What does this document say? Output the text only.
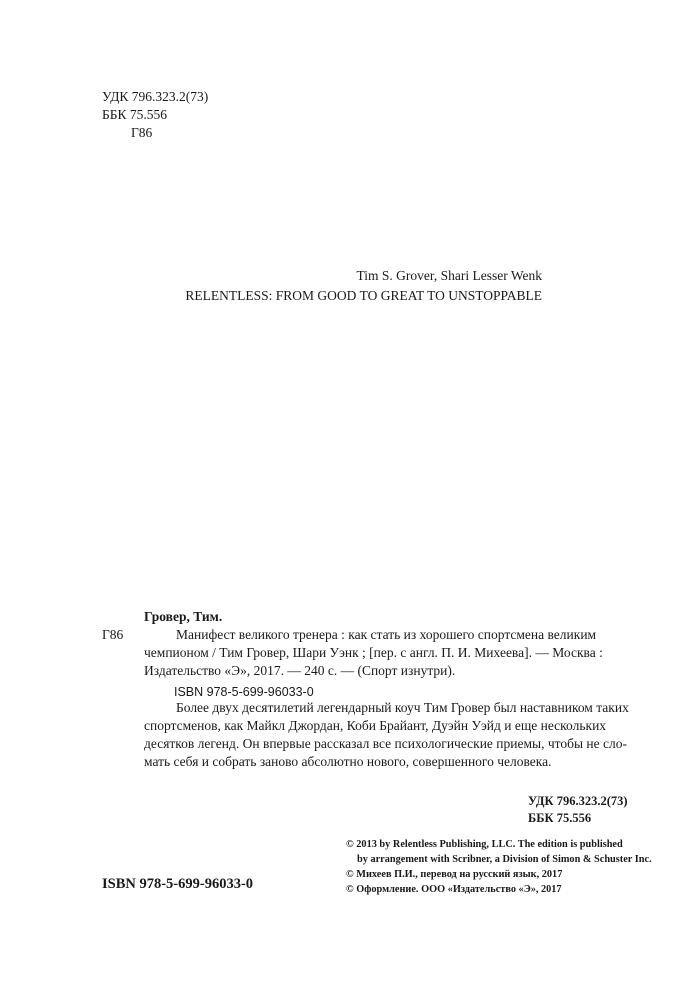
УДК 796.323.2(73)
ББК 75.556
Г86
Tim S. Grover, Shari Lesser Wenk
RELENTLESS: FROM GOOD TO GREAT TO UNSTOPPABLE
Гровер, Тим.
Г86	Манифест великого тренера : как стать из хорошего спортсмена великим
чемпионом / Тим Гровер, Шари Уэнк ; [пер. с англ. П. И. Михеева]. — Москва :
Издательство «Э», 2017. — 240 с. — (Спорт изнутри).
ISBN 978-5-699-96033-0
Более двух десятилетий легендарный коуч Тим Гровер был наставником таких
спортсменов, как Майкл Джордан, Коби Брайант, Дуэйн Уэйд и еще нескольких
десятков легенд. Он впервые рассказал все психологические приемы, чтобы не сло-
мать себя и собрать заново абсолютно нового, совершенного человека.
УДК 796.323.2(73)
ББК 75.556
© 2013 by Relentless Publishing, LLC. The edition is published
by arrangement with Scribner, a Division of Simon & Schuster Inc.
© Михеев П.И., перевод на русский язык, 2017
© Оформление. ООО «Издательство «Э», 2017
ISBN 978-5-699-96033-0
